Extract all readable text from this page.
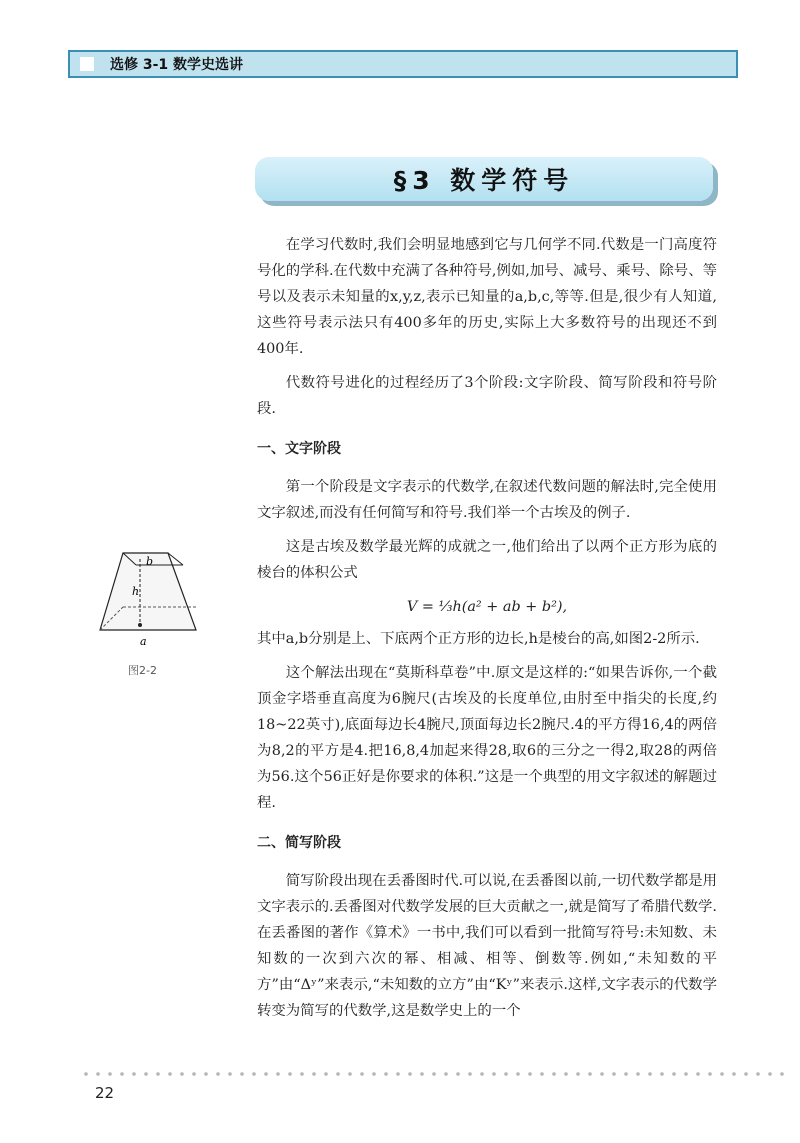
选修 3-1 数学史选讲
§3 数学符号

在学习代数时,我们会明显地感到它与几何学不同.代数是一门高度符号化的学科.在代数中充满了各种符号,例如,加号、减号、乘号、除号、等号以及表示未知量的x,y,z,表示已知量的a,b,c,等等.但是,很少有人知道,这些符号表示法只有400多年的历史,实际上大多数符号的出现还不到400年.

代数符号进化的过程经历了3个阶段:文字阶段、简写阶段和符号阶段.

一、文字阶段

第一个阶段是文字表示的代数学,在叙述代数问题的解法时,完全使用文字叙述,而没有任何简写和符号.我们举一个古埃及的例子.

这是古埃及数学最光辉的成就之一,他们给出了以两个正方形为底的棱台的体积公式

V = ⅓h(a² + ab + b²),

其中a,b分别是上、下底两个正方形的边长,h是棱台的高,如图2-2所示.

这个解法出现在“莫斯科草卷”中.原文是这样的:“如果告诉你,一个截顶金字塔垂直高度为6腕尺(古埃及的长度单位,由肘至中指尖的长度,约18~22英寸),底面每边长4腕尺,顶面每边长2腕尺.4的平方得16,4的两倍为8,2的平方是4.把16,8,4加起来得28,取6的三分之一得2,取28的两倍为56.这个56正好是你要求的体积.”这是一个典型的用文字叙述的解题过程.

二、简写阶段

简写阶段出现在丢番图时代.可以说,在丢番图以前,一切代数学都是用文字表示的.丢番图对代数学发展的巨大贡献之一,就是简写了希腊代数学.在丢番图的著作《算术》一书中,我们可以看到一批简写符号:未知数、未知数的一次到六次的幂、相减、相等、倒数等.例如,“未知数的平方”由“Δʸ”来表示,“未知数的立方”由“Kʸ”来表示.这样,文字表示的代数学转变为简写的代数学,这是数学史上的一个

b
h
a
图2-2
22
